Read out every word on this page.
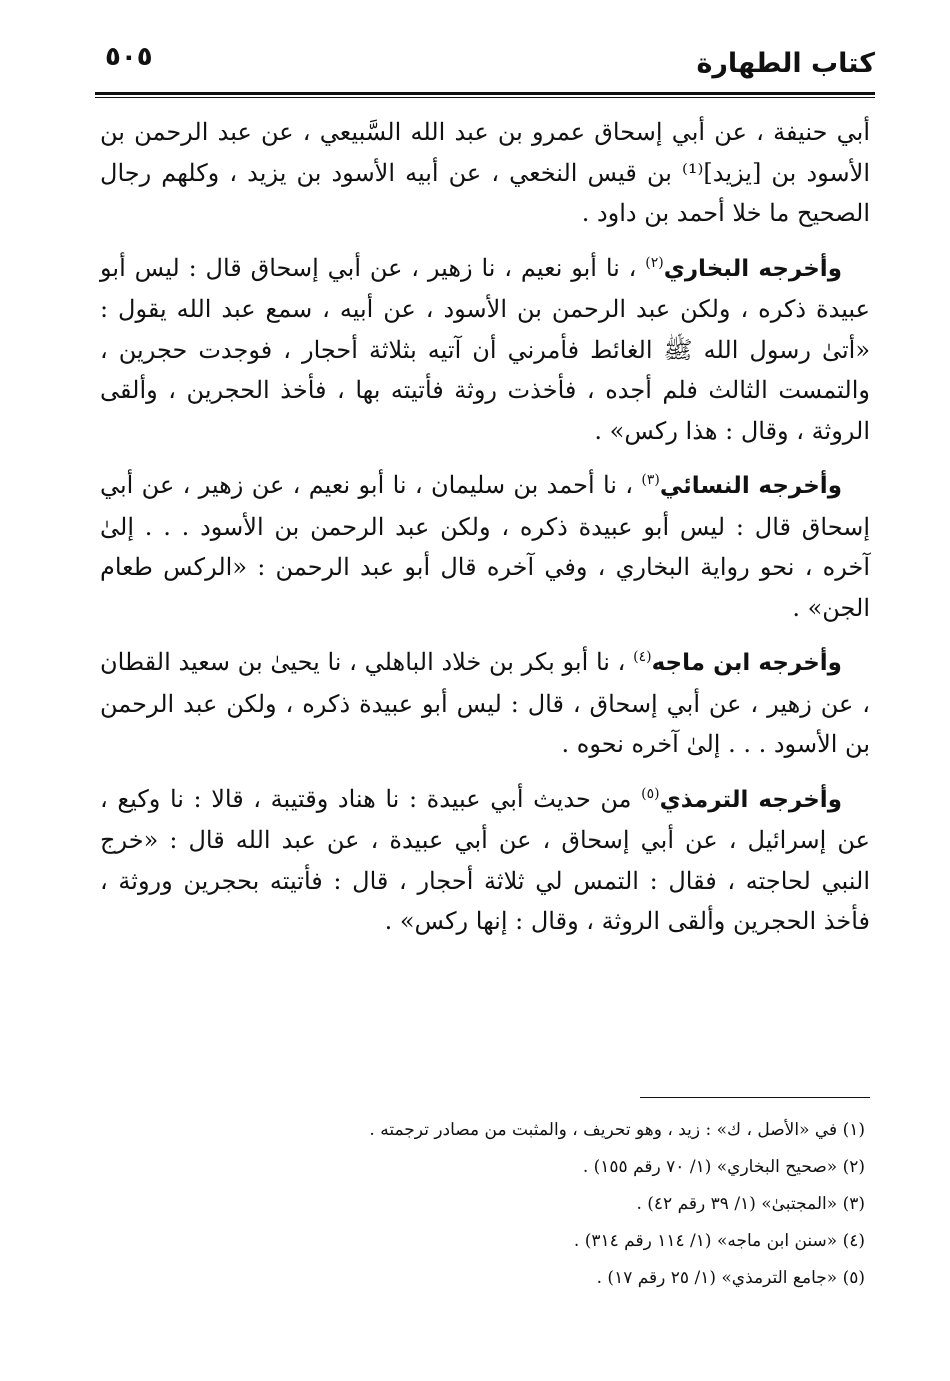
٥٠٥	كتاب الطهارة

أبي حنيفة ، عن أبي إسحاق عمرو بن عبد الله السَّبيعي ، عن عبد الرحمن بن الأسود بن [يزيد]⁽¹⁾ بن قيس النخعي ، عن أبيه الأسود بن يزيد ، وكلهم رجال الصحيح ما خلا أحمد بن داود .

وأخرجه البخاري$^{(٢)}$ ، نا أبو نعيم ، نا زهير ، عن أبي إسحاق قال : ليس أبو عبيدة ذكره ، ولكن عبد الرحمن بن الأسود ، عن أبيه ، سمع عبد الله يقول : «أتىٰ رسول الله ﷺ الغائط فأمرني أن آتيه بثلاثة أحجار ، فوجدت حجرين ، والتمست الثالث فلم أجده ، فأخذت روثة فأتيته بها ، فأخذ الحجرين ، وألقى الروثة ، وقال : هذا ركس» .

وأخرجه النسائي$^{(٣)}$ ، نا أحمد بن سليمان ، نا أبو نعيم ، عن زهير ، عن أبي إسحاق قال : ليس أبو عبيدة ذكره ، ولكن عبد الرحمن بن الأسود . . . إلىٰ آخره ، نحو رواية البخاري ، وفي آخره قال أبو عبد الرحمن : «الركس طعام الجن» .

وأخرجه ابن ماجه$^{(٤)}$ ، نا أبو بكر بن خلاد الباهلي ، نا يحيىٰ بن سعيد القطان ، عن زهير ، عن أبي إسحاق ، قال : ليس أبو عبيدة ذكره ، ولكن عبد الرحمن بن الأسود . . . إلىٰ آخره نحوه .

وأخرجه الترمذي$^{(٥)}$ من حديث أبي عبيدة : نا هناد وقتيبة ، قالا : نا وكيع ، عن إسرائيل ، عن أبي إسحاق ، عن أبي عبيدة ، عن عبد الله قال : «خرج النبي لحاجته ، فقال : التمس لي ثلاثة أحجار ، قال : فأتيته بحجرين وروثة ، فأخذ الحجرين وألقى الروثة ، وقال : إنها ركس» .

(١) في «الأصل ، ك» : زيد ، وهو تحريف ، والمثبت من مصادر ترجمته .

(٢) «صحيح البخاري» (١/ ٧٠ رقم ١٥٥) .

(٣) «المجتبىٰ» (١/ ٣٩ رقم ٤٢) .

(٤) «سنن ابن ماجه» (١/ ١١٤ رقم ٣١٤) .

(٥) «جامع الترمذي» (١/ ٢٥ رقم ١٧) .
